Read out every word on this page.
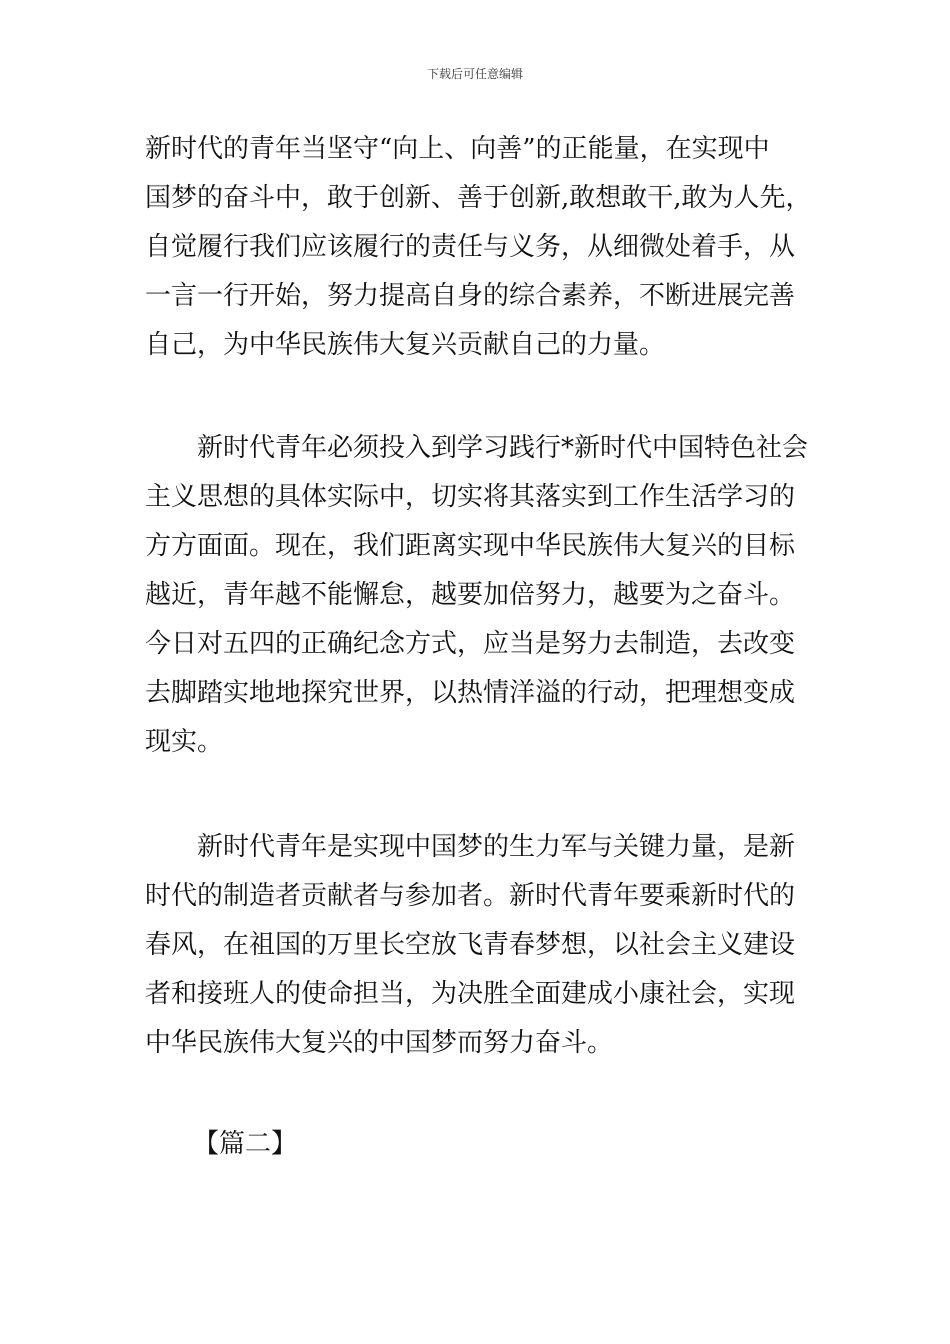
下载后可任意编辑

新时代的青年当坚守“向上、向善”的正能量，在实现中
国梦的奋斗中，敢于创新、善于创新,敢想敢干,敢为人先，
自觉履行我们应该履行的责任与义务，从细微处着手，从
一言一行开始，努力提高自身的综合素养，不断进展完善
自己，为中华民族伟大复兴贡献自己的力量。

　　新时代青年必须投入到学习践行*新时代中国特色社会
主义思想的具体实际中，切实将其落实到工作生活学习的
方方面面。现在，我们距离实现中华民族伟大复兴的目标
越近，青年越不能懈怠，越要加倍努力，越要为之奋斗。
今日对五四的正确纪念方式，应当是努力去制造，去改变
去脚踏实地地探究世界，以热情洋溢的行动，把理想变成
现实。

　　新时代青年是实现中国梦的生力军与关键力量，是新
时代的制造者贡献者与参加者。新时代青年要乘新时代的
春风，在祖国的万里长空放飞青春梦想，以社会主义建设
者和接班人的使命担当，为决胜全面建成小康社会，实现
中华民族伟大复兴的中国梦而努力奋斗。

【篇二】
